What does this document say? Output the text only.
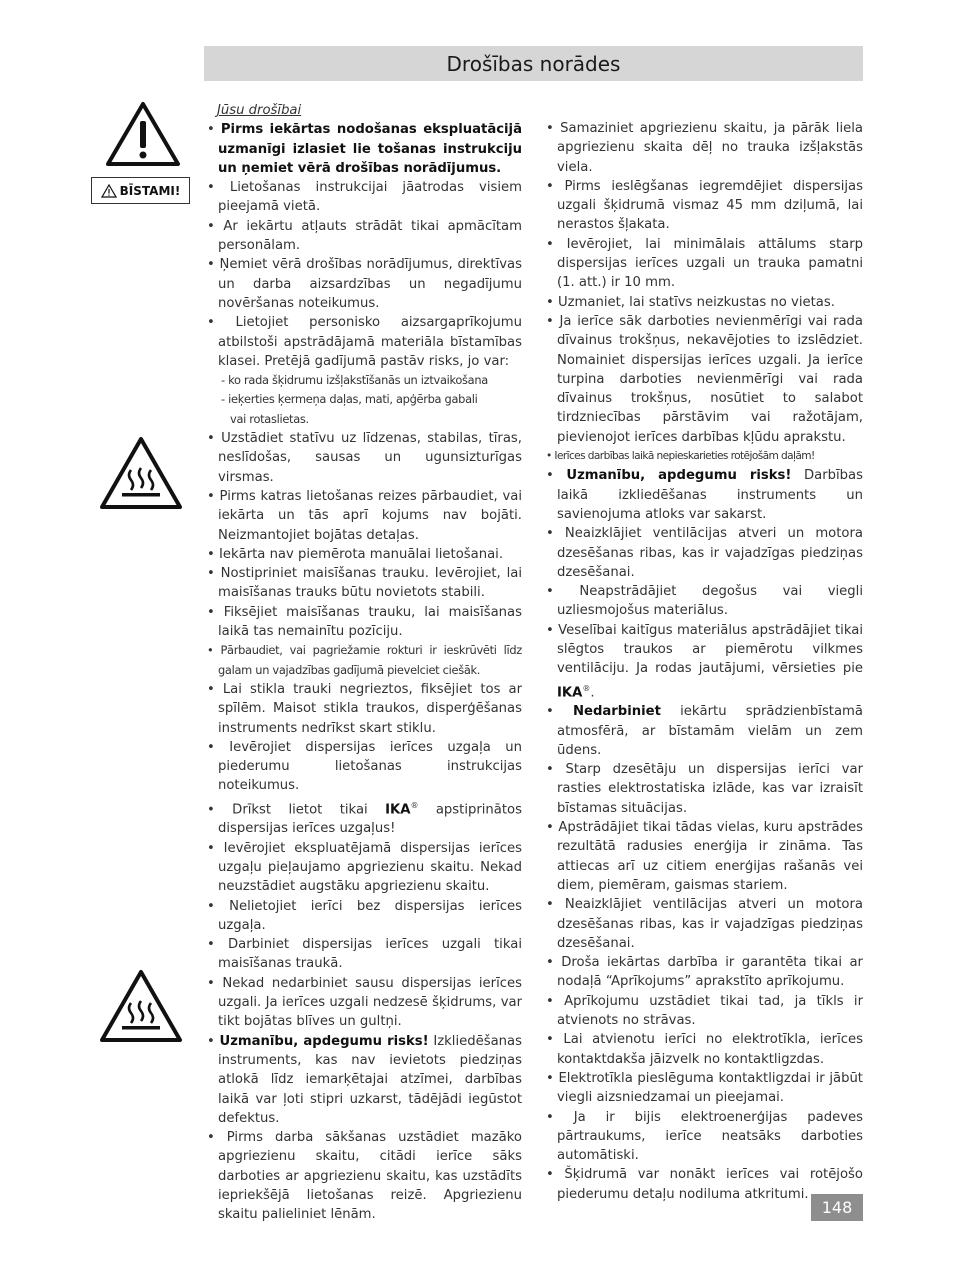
Drošības norādes
BĪSTAMI!

Jūsu drošībai

• Pirms iekārtas nodošanas ekspluatācijā uzmanīgi izlasiet lie tošanas instrukciju un ņemiet vērā drošības norādījumus.

• Lietošanas instrukcijai jāatrodas visiem pieejamā vietā.

• Ar iekārtu atļauts strādāt tikai apmācītam personālam.

• Ņemiet vērā drošības norādījumus, direktīvas un darba aizsardzības un negadījumu novēršanas noteikumus.

• Lietojiet personisko aizsargaprīkojumu atbilstoši apstrādājamā materiāla bīstamības klasei. Pretējā gadījumā pastāv risks, jo var:

- ko rada šķidrumu izšļakstīšanās un iztvaikošana

- ieķerties ķermeņa daļas, mati, apģērba gabali

vai rotaslietas.

• Uzstādiet statīvu uz līdzenas, stabilas, tīras, neslīdošas, sausas un ugunsizturīgas virsmas.

• Pirms katras lietošanas reizes pārbaudiet, vai iekārta un tās aprī kojums nav bojāti. Neizmantojiet bojātas detaļas.

• Iekārta nav piemērota manuālai lietošanai.

• Nostipriniet maisīšanas trauku. Ievērojiet, lai maisīšanas trauks būtu novietots stabili.

• Fiksējiet maisīšanas trauku, lai maisīšanas laikā tas nemainītu pozīciju.

• Pārbaudiet, vai pagriežamie rokturi ir ieskrūvēti līdz galam un vajadzības gadījumā pievelciet ciešāk.

• Lai stikla trauki negrieztos, fiksējiet tos ar spīlēm. Maisot stikla traukos, disperģēšanas instruments nedrīkst skart stiklu.

• Ievērojiet dispersijas ierīces uzgaļa un piederumu lietošanas instrukcijas noteikumus.

• Drīkst lietot tikai IKA® apstiprinātos dispersijas ierīces uzgaļus!

• Ievērojiet ekspluatējamā dispersijas ierīces uzgaļu pieļaujamo apgriezienu skaitu. Nekad neuzstādiet augstāku apgriezienu skaitu.

• Nelietojiet ierīci bez dispersijas ierīces uzgaļa.

• Darbiniet dispersijas ierīces uzgali tikai maisīšanas traukā.

• Nekad nedarbiniet sausu dispersijas ierīces uzgali. Ja ierīces uzgali nedzesē šķidrums, var tikt bojātas blīves un gultņi.

• Uzmanību, apdegumu risks! Izkliedēšanas instruments, kas nav ievietots piedziņas atlokā līdz iemarķētajai atzīmei, darbības laikā var ļoti stipri uzkarst, tādējādi iegūstot defektus.

• Pirms darba sākšanas uzstādiet mazāko apgriezienu skaitu, citādi ierīce sāks darboties ar apgriezienu skaitu, kas uzstādīts iepriekšējā lietošanas reizē. Apgriezienu skaitu palieliniet lēnām.

• Samaziniet apgriezienu skaitu, ja pārāk liela apgriezienu skaita dēļ no trauka izšļakstās viela.

• Pirms ieslēgšanas iegremdējiet dispersijas uzgali šķidrumā vismaz 45 mm dziļumā, lai nerastos šļakata.

• Ievērojiet, lai minimālais attālums starp dispersijas ierīces uzgali un trauka pamatni (1. att.) ir 10 mm.

• Uzmaniet, lai statīvs neizkustas no vietas.

• Ja ierīce sāk darboties nevienmērīgi vai rada dīvainus trokšņus, nekavējoties to izslēdziet. Nomainiet dispersijas ierīces uzgali. Ja ierīce turpina darboties nevienmērīgi vai rada dīvainus trokšņus, nosūtiet to salabot tirdzniecības pārstāvim vai ražotājam, pievienojot ierīces darbības kļūdu aprakstu.

• Ierīces darbības laikā nepieskarieties rotējošām daļām!

• Uzmanību, apdegumu risks! Darbības laikā izkliedēšanas instruments un savienojuma atloks var sakarst.

• Neaizklājiet ventilācijas atveri un motora dzesēšanas ribas, kas ir vajadzīgas piedziņas dzesēšanai.

• Neapstrādājiet degošus vai viegli uzliesmojošus materiālus.

• Veselībai kaitīgus materiālus apstrādājiet tikai slēgtos traukos ar piemērotu vilkmes ventilāciju. Ja rodas jautājumi, vērsieties pie IKA®.

• Nedarbiniet iekārtu sprādzienbīstamā atmosfērā, ar bīstamām vielām un zem ūdens.

• Starp dzesētāju un dispersijas ierīci var rasties elektrostatiska izlāde, kas var izraisīt bīstamas situācijas.

• Apstrādājiet tikai tādas vielas, kuru apstrādes rezultātā radusies enerģija ir zināma. Tas attiecas arī uz citiem enerģijas rašanās vei diem, piemēram, gaismas stariem.

• Neaizklājiet ventilācijas atveri un motora dzesēšanas ribas, kas ir vajadzīgas piedziņas dzesēšanai.

• Droša iekārtas darbība ir garantēta tikai ar nodaļā “Aprīkojums” aprakstīto aprīkojumu.

• Aprīkojumu uzstādiet tikai tad, ja tīkls ir atvienots no strāvas.

• Lai atvienotu ierīci no elektrotīkla, ierīces kontaktdakša jāizvelk no kontaktligzdas.

• Elektrotīkla pieslēguma kontaktligzdai ir jābūt viegli aizsniedzamai un pieejamai.

• Ja ir bijis elektroenerģijas padeves pārtraukums, ierīce neatsāks darboties automātiski.

• Šķidrumā var nonākt ierīces vai rotējošo piederumu detaļu nodiluma atkritumi.

148
